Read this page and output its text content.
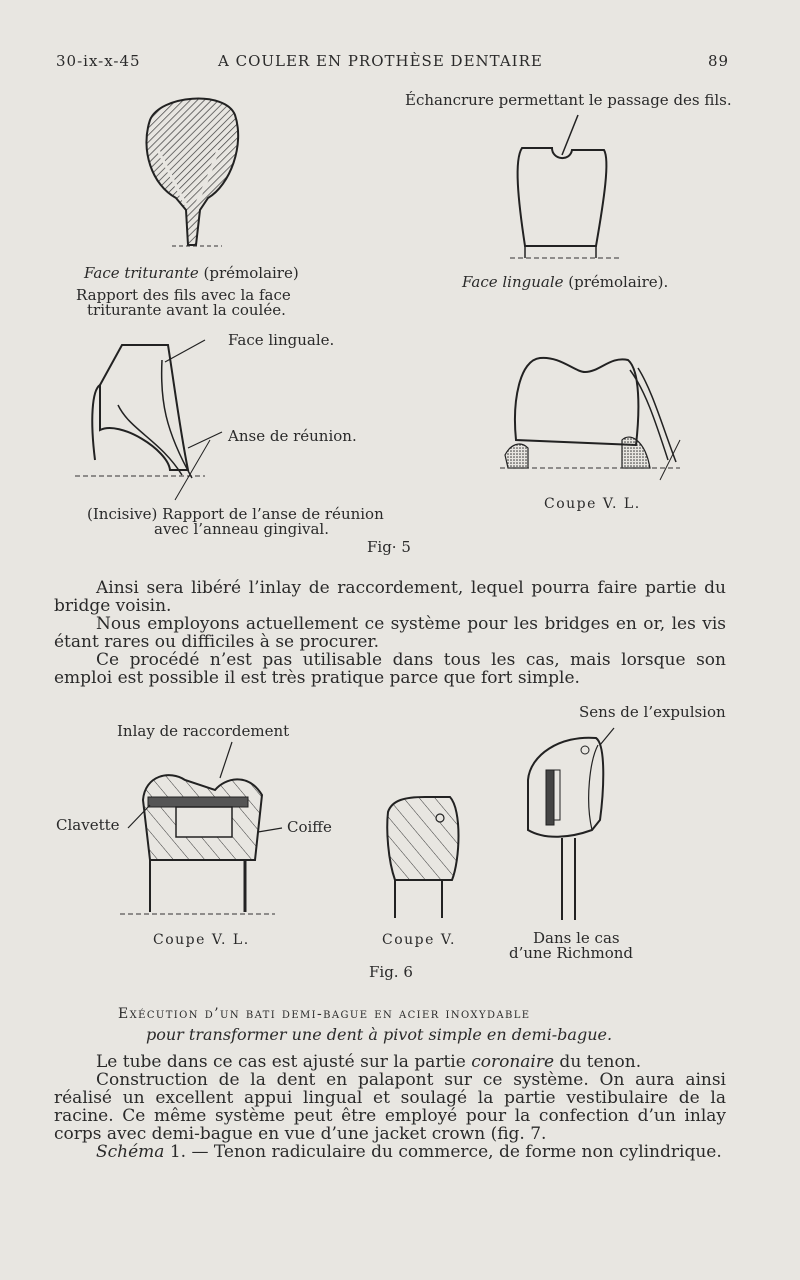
30-ix-x-45	A COULER EN PROTHÈSE DENTAIRE	89
Échancrure permettant le passage des fils.
Face triturante (prémolaire)
Rapport des fils avec la face
triturante avant la coulée.
Face linguale (prémolaire).
Face linguale.
Anse de réunion.
(Incisive) Rapport de l’anse de réunion
avec l’anneau gingival.
Coupe V. L.
Fig· 5

Ainsi sera libéré l’inlay de raccordement, lequel pourra faire partie du bridge voisin.

Nous employons actuellement ce système pour les bridges en or, les vis étant rares ou difficiles à se procurer.

Ce procédé n’est pas utilisable dans tous les cas, mais lorsque son emploi est possible il est très pratique parce que fort simple.

Sens de l’expulsion
Inlay de raccordement
Clavette	Coiffe
Coupe V. L.	Coupe V.	Dans le cas
d’une Richmond
Fig. 6
Exécution d’un bati demi-bague en acier inoxydable
pour transformer une dent à pivot simple en demi-bague.

Le tube dans ce cas est ajusté sur la partie coronaire du tenon.

Construction de la dent en palapont sur ce système. On aura ainsi réalisé un excellent appui lingual et soulagé la partie vestibulaire de la racine. Ce même système peut être employé pour la confection d’un inlay corps avec demi-bague en vue d’une jacket crown (fig. 7.

Schéma 1. — Tenon radiculaire du commerce, de forme non cylindrique.
